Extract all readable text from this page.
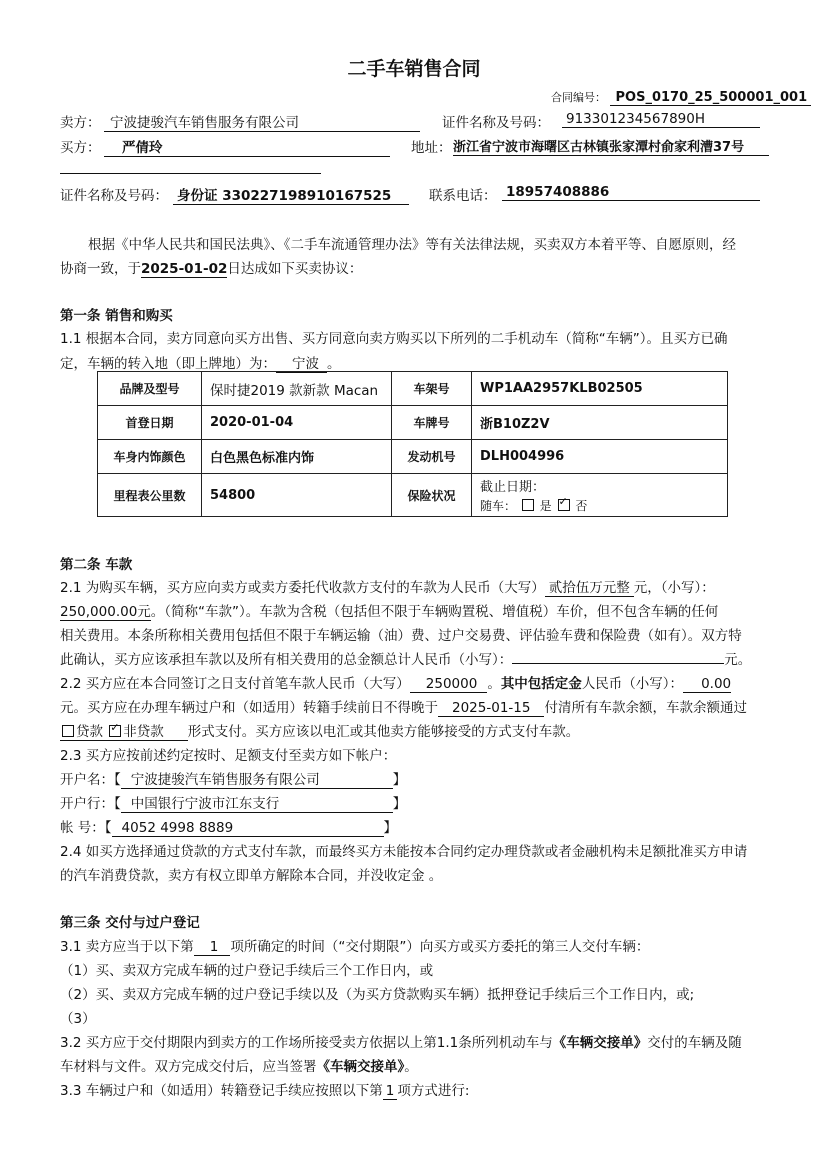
二手车销售合同
合同编号： POS_0170_25_500001_001
卖方： 宁波捷骏汽车销售服务有限公司	证件名称及号码： 913301234567890H
买方：	严倩玲	地址： 浙江省宁波市海曙区古林镇张家潭村俞家利漕37号
证件名称及号码： 身份证 330227198910167525	联系电话： 18957408886
根据《中华人民共和国民法典》、《二手车流通管理办法》等有关法律法规，买卖双方本着平等、自愿原则，经
协商一致，于2025-01-02日达成如下买卖协议：
第一条 销售和购买
1.1 根据本合同，卖方同意向买方出售、买方同意向卖方购买以下所列的二手机动车（简称“车辆”）。且买方已确
定，车辆的转入地（即上牌地）为： 宁波 。
品牌及型号	保时捷2019 款新款 Macan	车架号	WP1AA2957KLB02505
首登日期	2020-01-04	车牌号	浙B10Z2V
车身内饰颜色	白色黑色标准内饰	发动机号	DLH004996
里程表公里数	54800	保险状况	截止日期：
随车： 是 ✓ 否
第二条 车款
2.1 为购买车辆，买方应向卖方或卖方委托代收款方支付的车款为人民币（大写） 贰拾伍万元整 元，（小写）：
250,000.00元。（简称“车款”）。车款为含税（包括但不限于车辆购置税、增值税）车价，但不包含车辆的任何
相关费用。本条所称相关费用包括但不限于车辆运输（油）费、过户交易费、评估验车费和保险费（如有）。双方特
此确认，买方应该承担车款以及所有相关费用的总金额总计人民币（小写）：	元。
2.2 买方应在本合同签订之日支付首笔车款人民币（大写） 250000 。其中包括定金人民币（小写）： 0.00
元。买方应在办理车辆过户和（如适用）转籍手续前日不得晚于 2025-01-15 付清所有车款余额，车款余额通过
贷款 ✓ 非贷款 形式支付。买方应该以电汇或其他卖方能够接受的方式支付车款。
2.3 买方应按前述约定按时、足额支付至卖方如下帐户：
开户名：【 宁波捷骏汽车销售服务有限公司	】
开户行：【 中国银行宁波市江东支行	】
帐 号：【 4052 4998 8889	】
2.4 如买方选择通过贷款的方式支付车款，而最终买方未能按本合同约定办理贷款或者金融机构未足额批准买方申请
的汽车消费贷款，卖方有权立即单方解除本合同，并没收定金 。
第三条 交付与过户登记
3.1 卖方应当于以下第 1 项所确定的时间（“交付期限”）向买方或买方委托的第三人交付车辆：
（1）买、卖双方完成车辆的过户登记手续后三个工作日内，或
（2）买、卖双方完成车辆的过户登记手续以及（为买方贷款购买车辆）抵押登记手续后三个工作日内，或;
（3）
3.2 买方应于交付期限内到卖方的工作场所接受卖方依据以上第1.1条所列机动车与《车辆交接单》交付的车辆及随
车材料与文件。双方完成交付后，应当签署《车辆交接单》。
3.3 车辆过户和（如适用）转籍登记手续应按照以下第 1 项方式进行:
